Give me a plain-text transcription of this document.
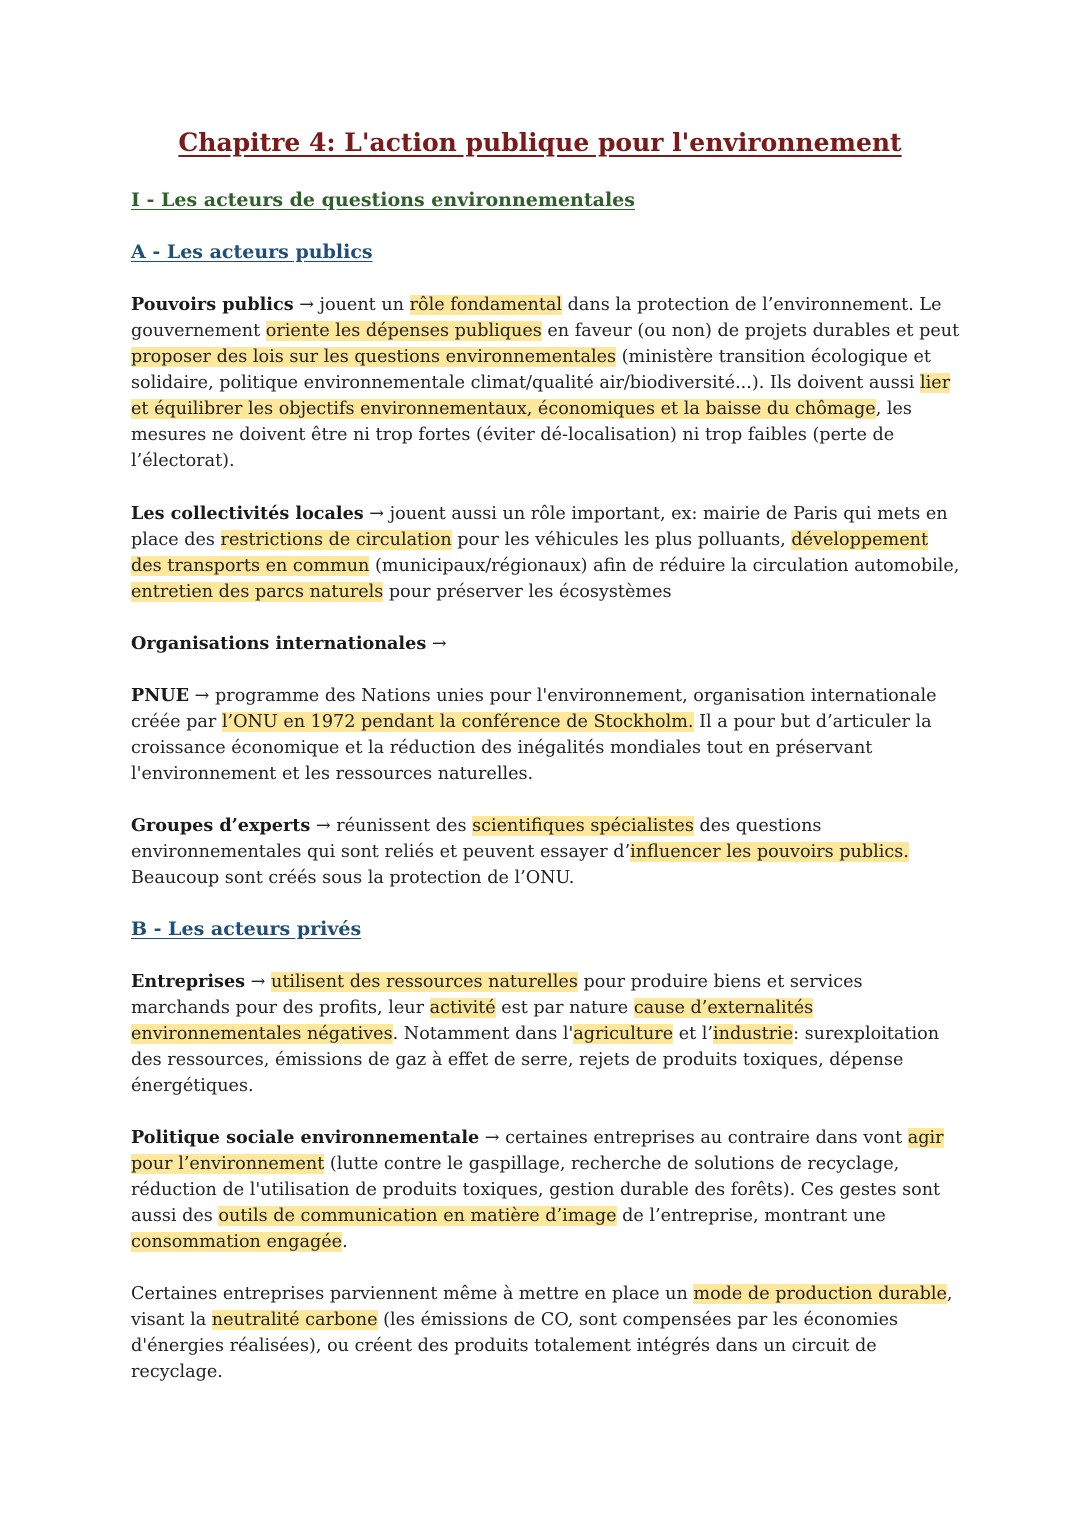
Chapitre 4: L'action publique pour l'environnement
I - Les acteurs de questions environnementales
A - Les acteurs publics

Pouvoirs publics → jouent un rôle fondamental dans la protection de l’environnement. Le gouvernement oriente les dépenses publiques en faveur (ou non) de projets durables et peut proposer des lois sur les questions environnementales (ministère transition écologique et solidaire, politique environnementale climat/qualité air/biodiversité...). Ils doivent aussi lier et équilibrer les objectifs environnementaux, économiques et la baisse du chômage, les mesures ne doivent être ni trop fortes (éviter dé-localisation) ni trop faibles (perte de l’électorat).

Les collectivités locales → jouent aussi un rôle important, ex: mairie de Paris qui mets en place des restrictions de circulation pour les véhicules les plus polluants, développement des transports en commun (municipaux/régionaux) afin de réduire la circulation automobile, entretien des parcs naturels pour préserver les écosystèmes

Organisations internationales →

PNUE → programme des Nations unies pour l'environnement, organisation internationale créée par l’ONU en 1972 pendant la conférence de Stockholm. Il a pour but d’articuler la croissance économique et la réduction des inégalités mondiales tout en préservant l'environnement et les ressources naturelles.

Groupes d’experts → réunissent des scientifiques spécialistes des questions environnementales qui sont reliés et peuvent essayer d’influencer les pouvoirs publics. Beaucoup sont créés sous la protection de l’ONU.

B - Les acteurs privés

Entreprises → utilisent des ressources naturelles pour produire biens et services marchands pour des profits, leur activité est par nature cause d’externalités environnementales négatives. Notamment dans l'agriculture et l’industrie: surexploitation des ressources, émissions de gaz à effet de serre, rejets de produits toxiques, dépense énergétiques.

Politique sociale environnementale → certaines entreprises au contraire dans vont agir pour l’environnement (lutte contre le gaspillage, recherche de solutions de recyclage, réduction de l'utilisation de produits toxiques, gestion durable des forêts). Ces gestes sont aussi des outils de communication en matière d’image de l’entreprise, montrant une consommation engagée.

Certaines entreprises parviennent même à mettre en place un mode de production durable, visant la neutralité carbone (les émissions de CO, sont compensées par les économies d'énergies réalisées), ou créent des produits totalement intégrés dans un circuit de recyclage.
